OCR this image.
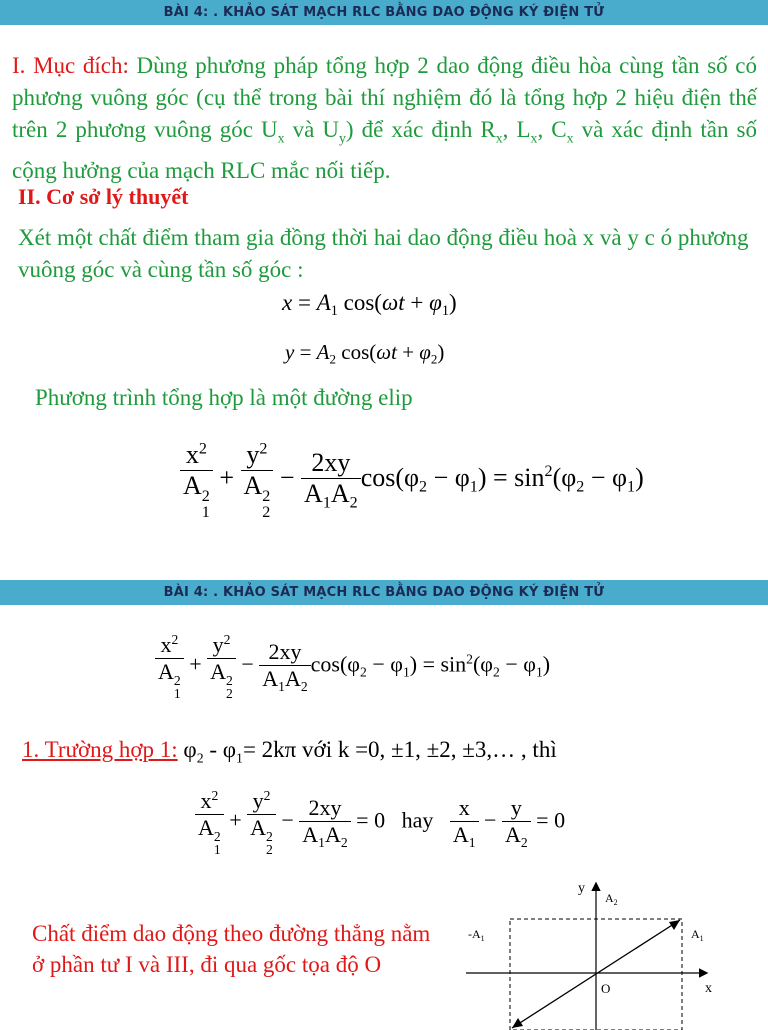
BÀI 4: . KHẢO SÁT MẠCH RLC BẰNG DAO ĐỘNG KÝ ĐIỆN TỬ
I. Mục đích: Dùng phương pháp tổng hợp 2 dao động điều hòa cùng tần số có phương vuông góc (cụ thể trong bài thí nghiệm đó là tổng hợp 2 hiệu điện thế trên 2 phương vuông góc $U_x$ và $U_y$) để xác định $R_x$, $L_x$, $C_x$ và xác định tần số cộng hưởng của mạch RLC mắc nối tiếp.
II. Cơ sở lý thuyết
Xét một chất điểm tham gia đồng thời hai dao động điều hoà x và y c ó phương vuông góc và cùng tần số góc :
$x = A_1$ $\cos(\omega t + \varphi_1)$
$y = A_2$ $\cos(\omega t + \varphi_2)$
Phương trình tổng hợp là một đường elip
$x^2$
A 2
$1 + y^2$
A 2
$2 - \frac{2xy}{A_1A_2} \cos(\varphi_2 - \varphi_1) = \sin^2(\varphi_2 - \varphi_1)$
BÀI 4: . KHẢO SÁT MẠCH RLC BẰNG DAO ĐỘNG KÝ ĐIỆN TỬ
$x^2$
A 2
$1 + y^2$
A 2
$2 - \frac{2xy}{A_1A_2} \cos(\varphi_2 - \varphi_1) = \sin^2(\varphi_2 - \varphi_1)$
1. Trường hợp 1: $\varphi_2 - \varphi_1= 2k\pi$ với k =0, ±1, ±2, ±3,… , thì
$x^2$
A 2
$1 + y^2$
A 2
$2 - \frac{2xy}{A_1A_2} = 0$ hay $\frac{x}{A_1} - \frac{y}{A_2} = 0$
Chất điểm dao động theo đường thẳng nằm ở phần tư I và III, đi qua gốc tọa độ O
y
x
$A_2$
$-A_1$	$A_1$
O
